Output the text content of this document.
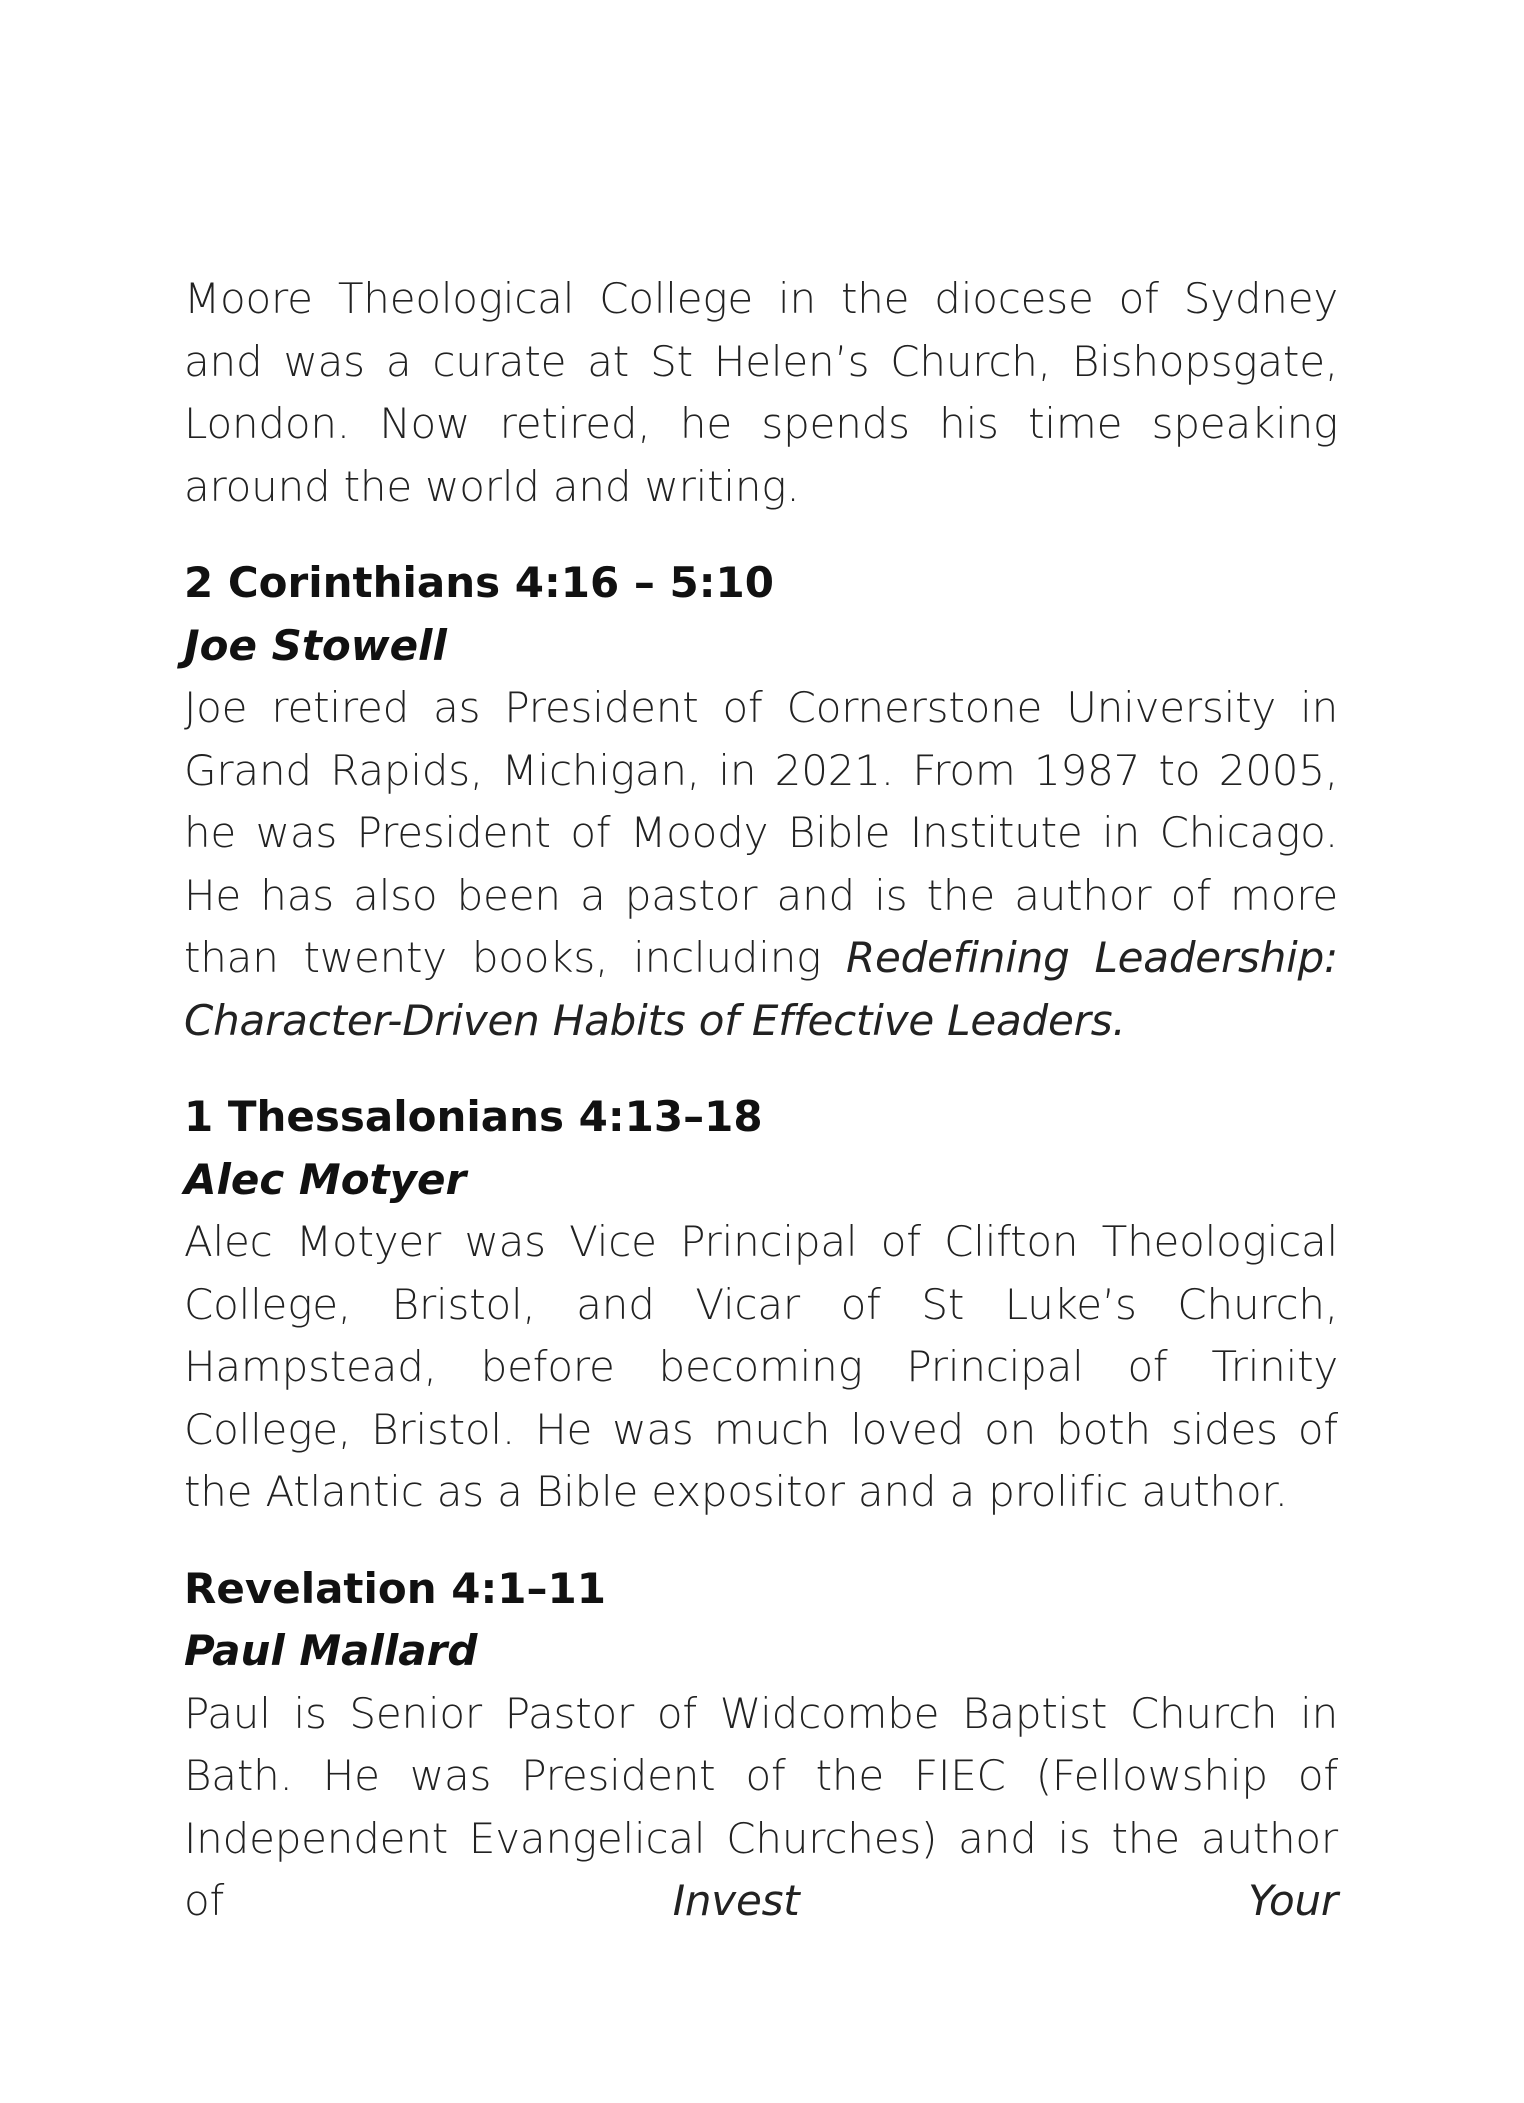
Moore Theological College in the diocese of Sydney and was a curate at St Helen’s Church, Bishopsgate, London. Now retired, he spends his time speaking around the world and writing.

2 Corinthians 4:16 – 5:10

Joe Stowell

Joe retired as President of Cornerstone University in Grand Rapids, Michigan, in 2021. From 1987 to 2005, he was President of Moody Bible Institute in Chicago. He has also been a pastor and is the author of more than twenty books, including Redefining Leadership: Character-Driven Habits of Effective Leaders.

1 Thessalonians 4:13–18

Alec Motyer

Alec Motyer was Vice Principal of Clifton Theological College, Bristol, and Vicar of St Luke’s Church, Hampstead, before becoming Principal of Trinity College, Bristol. He was much loved on both sides of the Atlantic as a Bible expositor and a prolific author.

Revelation 4:1–11

Paul Mallard

Paul is Senior Pastor of Widcombe Baptist Church in Bath. He was President of the FIEC (Fellowship of Independent Evangelical Churches) and is the author of Invest Your
